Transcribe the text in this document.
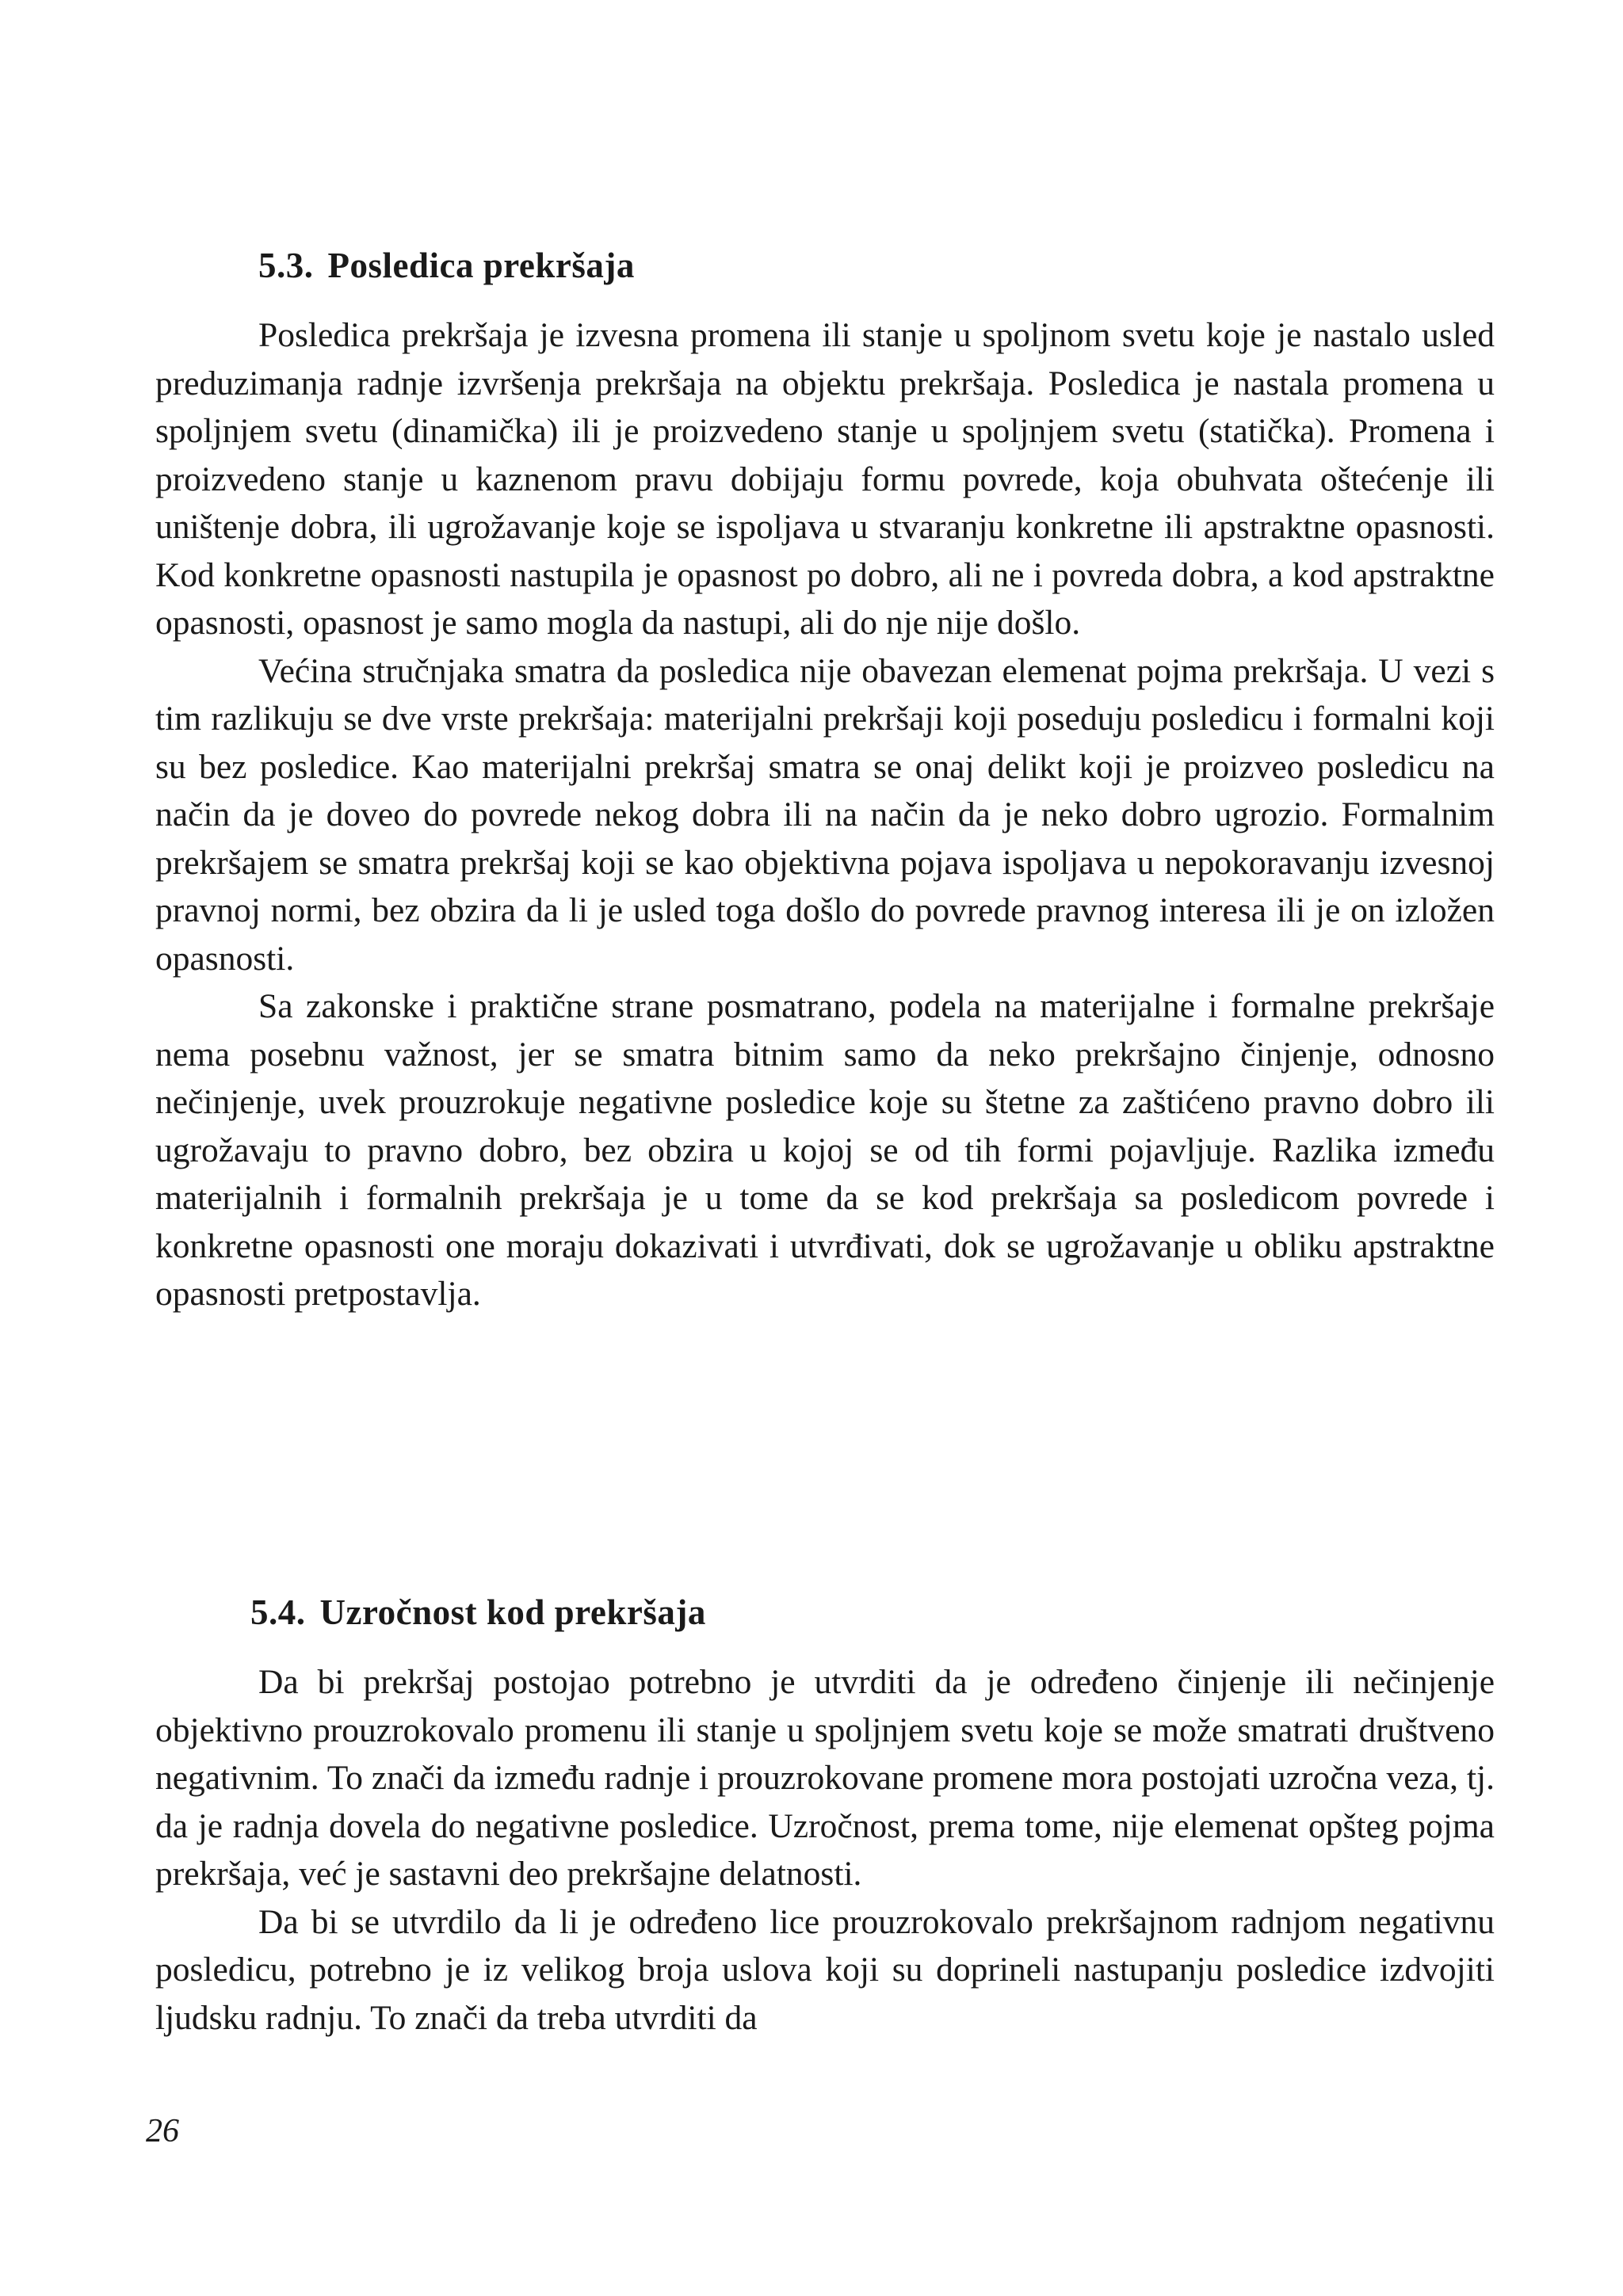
5.3. Posledica prekršaja

Posledica prekršaja je izvesna promena ili stanje u spoljnom svetu koje je nastalo usled preduzimanja radnje izvršenja prekršaja na objektu prekršaja. Posledica je nastala promena u spoljnjem svetu (dinamička) ili je proizvedeno stanje u spoljnjem svetu (statička). Promena i proizvedeno stanje u kaznenom pravu dobijaju formu povrede, koja obuhvata oštećenje ili uništenje dobra, ili ugrožavanje koje se ispoljava u stvaranju konkretne ili apstraktne opasnosti. Kod konkretne opasnosti nastupila je opasnost po dobro, ali ne i povreda dobra, a kod apstraktne opasnosti, opasnost je samo mogla da nastupi, ali do nje nije došlo.

Većina stručnjaka smatra da posledica nije obavezan elemenat pojma prekršaja. U vezi s tim razlikuju se dve vrste prekršaja: materijalni prekršaji koji poseduju posledicu i formalni koji su bez posledice. Kao materijalni prekršaj smatra se onaj delikt koji je proizveo posledicu na način da je doveo do povrede nekog dobra ili na način da je neko dobro ugrozio. Formalnim prekršajem se smatra prekršaj koji se kao objektivna pojava ispoljava u nepokoravanju izvesnoj pravnoj normi, bez obzira da li je usled toga došlo do povrede pravnog interesa ili je on izložen opasnosti.

Sa zakonske i praktične strane posmatrano, podela na materijalne i formalne prekršaje nema posebnu važnost, jer se smatra bitnim samo da neko prekršajno činjenje, odnosno nečinjenje, uvek prouzrokuje negativne posledice koje su štetne za zaštićeno pravno dobro ili ugrožavaju to pravno dobro, bez obzira u kojoj se od tih formi pojavljuje. Razlika između materijalnih i formalnih prekršaja je u tome da se kod prekršaja sa posledicom povrede i konkretne opasnosti one moraju dokazivati i utvrđivati, dok se ugrožavanje u obliku apstraktne opasnosti pretpostavlja.

5.4. Uzročnost kod prekršaja

Da bi prekršaj postojao potrebno je utvrditi da je određeno činjenje ili nečinjenje objektivno prouzrokovalo promenu ili stanje u spoljnjem svetu koje se može smatrati društveno negativnim. To znači da između radnje i prouzrokovane promene mora postojati uzročna veza, tj. da je radnja dovela do negativne posledice. Uzročnost, prema tome, nije elemenat opšteg pojma prekršaja, već je sastavni deo prekršajne delatnosti.

Da bi se utvrdilo da li je određeno lice prouzrokovalo prekršajnom radnjom negativnu posledicu, potrebno je iz velikog broja uslova koji su doprineli nastupanju posledice izdvojiti ljudsku radnju. To znači da treba utvrditi da

26
